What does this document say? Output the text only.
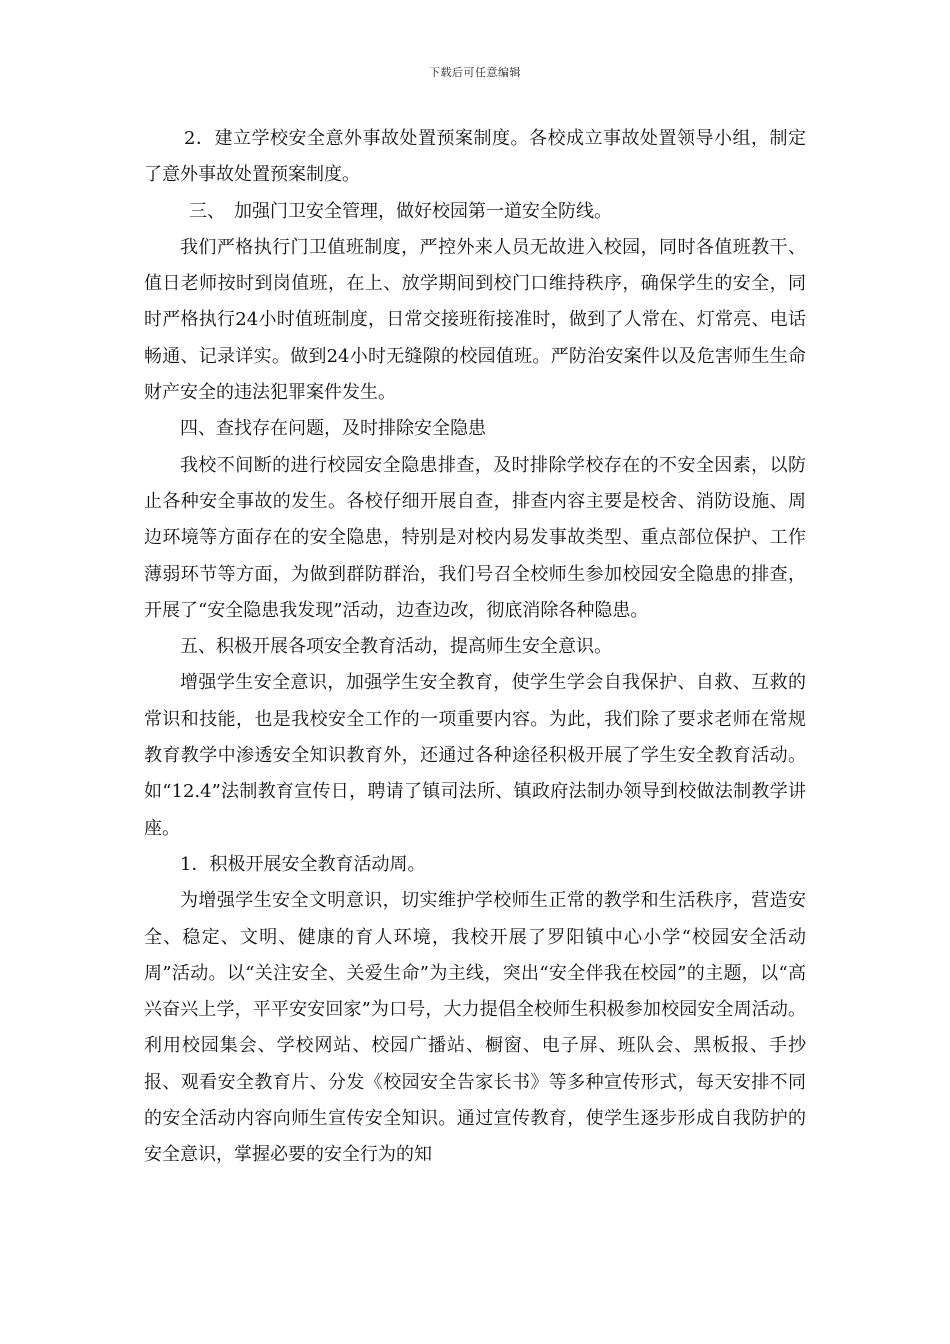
下载后可任意编辑

2．建立学校安全意外事故处置预案制度。各校成立事故处置领导小组，制定了意外事故处置预案制度。

三、　加强门卫安全管理，做好校园第一道安全防线。

我们严格执行门卫值班制度，严控外来人员无故进入校园，同时各值班教干、值日老师按时到岗值班，在上、放学期间到校门口维持秩序，确保学生的安全，同时严格执行24小时值班制度，日常交接班衔接准时，做到了人常在、灯常亮、电话畅通、记录详实。做到24小时无缝隙的校园值班。严防治安案件以及危害师生生命财产安全的违法犯罪案件发生。

四、查找存在问题，及时排除安全隐患

我校不间断的进行校园安全隐患排查，及时排除学校存在的不安全因素，以防止各种安全事故的发生。各校仔细开展自查，排查内容主要是校舍、消防设施、周边环境等方面存在的安全隐患，特别是对校内易发事故类型、重点部位保护、工作薄弱环节等方面，为做到群防群治，我们号召全校师生参加校园安全隐患的排查，开展了“安全隐患我发现”活动，边查边改，彻底消除各种隐患。

五、积极开展各项安全教育活动，提高师生安全意识。

增强学生安全意识，加强学生安全教育，使学生学会自我保护、自救、互救的常识和技能，也是我校安全工作的一项重要内容。为此，我们除了要求老师在常规教育教学中渗透安全知识教育外，还通过各种途径积极开展了学生安全教育活动。如“12.4”法制教育宣传日，聘请了镇司法所、镇政府法制办领导到校做法制教学讲座。

1．积极开展安全教育活动周。

为增强学生安全文明意识，切实维护学校师生正常的教学和生活秩序，营造安全、稳定、文明、健康的育人环境，我校开展了罗阳镇中心小学“校园安全活动周”活动。以“关注安全、关爱生命”为主线，突出“安全伴我在校园”的主题，以“高兴奋兴上学，平平安安回家”为口号，大力提倡全校师生积极参加校园安全周活动。利用校园集会、学校网站、校园广播站、橱窗、电子屏、班队会、黑板报、手抄报、观看安全教育片、分发《校园安全告家长书》等多种宣传形式，每天安排不同的安全活动内容向师生宣传安全知识。通过宣传教育，使学生逐步形成自我防护的安全意识，掌握必要的安全行为的知
